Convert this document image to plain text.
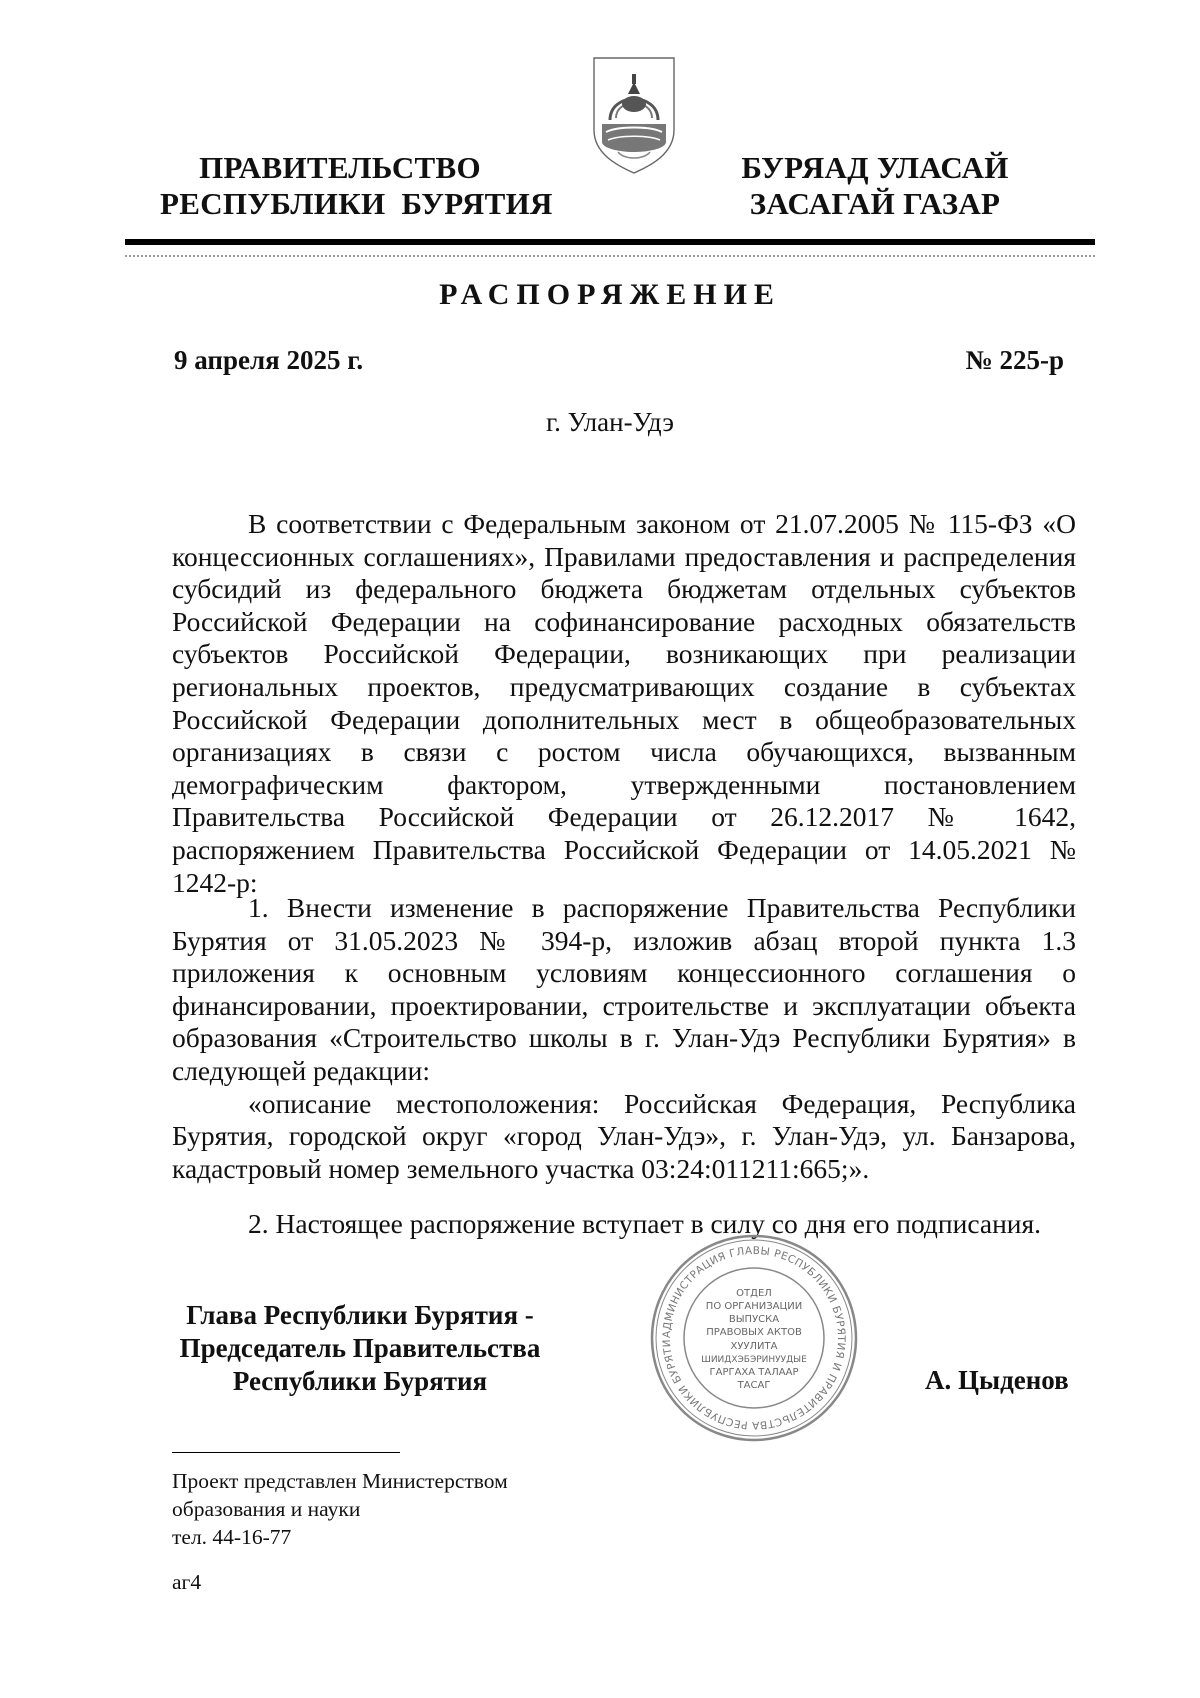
ПРАВИТЕЛЬСТВО
РЕСПУБЛИКИ  БУРЯТИЯ
БУРЯАД УЛАСАЙ
ЗАСАГАЙ ГАЗАР
РАСПОРЯЖЕНИЕ
9 апреля 2025 г.	№ 225-р
г. Улан-Удэ

В соответствии с Федеральным законом от 21.07.2005 № 115-ФЗ «О концессионных соглашениях», Правилами предоставления и распределения субсидий из федерального бюджета бюджетам отдельных субъектов Российской Федерации на софинансирование расходных обязательств субъектов Российской Федерации, возникающих при реализации региональных проектов, предусматривающих создание в субъектах Российской Федерации дополнительных мест в общеобразовательных организациях в связи с ростом числа обучающихся, вызванным демографическим фактором, утвержденными постановлением Правительства Российской Федерации от 26.12.2017 № 1642, распоряжением Правительства Российской Федерации от 14.05.2021 № 1242-р:

1. Внести изменение в распоряжение Правительства Республики Бурятия от 31.05.2023 № 394-р, изложив абзац второй пункта 1.3 приложения к основным условиям концессионного соглашения о финансировании, проектировании, строительстве и эксплуатации объекта образования «Строительство школы в г. Улан-Удэ Республики Бурятия» в следующей редакции:

«описание местоположения: Российская Федерация, Республика Бурятия, городской округ «город Улан-Удэ», г. Улан-Удэ, ул. Банзарова, кадастровый номер земельного участка 03:24:011211:665;».

2. Настоящее распоряжение вступает в силу со дня его подписания.

Глава Республики Бурятия -
Председатель Правительства
Республики Бурятия
АДМИНИСТРАЦИЯ ГЛАВЫ РЕСПУБЛИКИ БУРЯТИЯ И ПРАВИТЕЛЬСТВА РЕСПУБЛИКИ БУРЯТИ
ОТДЕЛ
ПО ОРГАНИЗАЦИИ
ВЫПУСКА
ПРАВОВЫХ АКТОВ
ХУУЛИТА
ШИИДХЭБЭРИНУУДЫЕ
ГАРГАХА ТАЛААР
ТАСАГ	А. Цыденов
Проект представлен Министерством
образования и науки
тел. 44-16-77
аг4
